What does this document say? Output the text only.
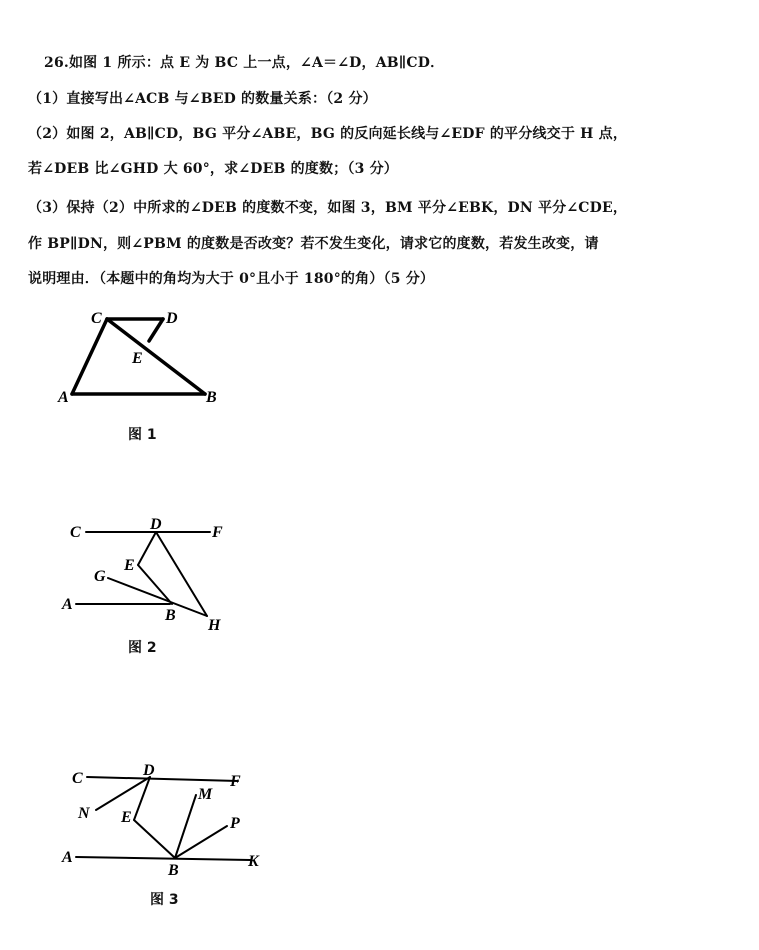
26.如图 1 所示：点 E 为 BC 上一点，∠A＝∠D，AB∥CD．
（1）直接写出∠ACB 与∠BED 的数量关系：（2 分）
（2）如图 2，AB∥CD，BG 平分∠ABE，BG 的反向延长线与∠EDF 的平分线交于 H 点，
若∠DEB 比∠GHD 大 60°，求∠DEB 的度数；（3 分）
（3）保持（2）中所求的∠DEB 的度数不变，如图 3，BM 平分∠EBK，DN 平分∠CDE，
作 BP∥DN，则∠PBM 的度数是否改变？若不发生变化，请求它的度数，若发生改变，请
说明理由．（本题中的角均为大于 0°且小于 180°的角）（5 分）
C	D
E
A	B
C	D	F
E
G
A
B
H
C	D
F
N E
M
P
A
B
K
图 1
图 2
图 3
